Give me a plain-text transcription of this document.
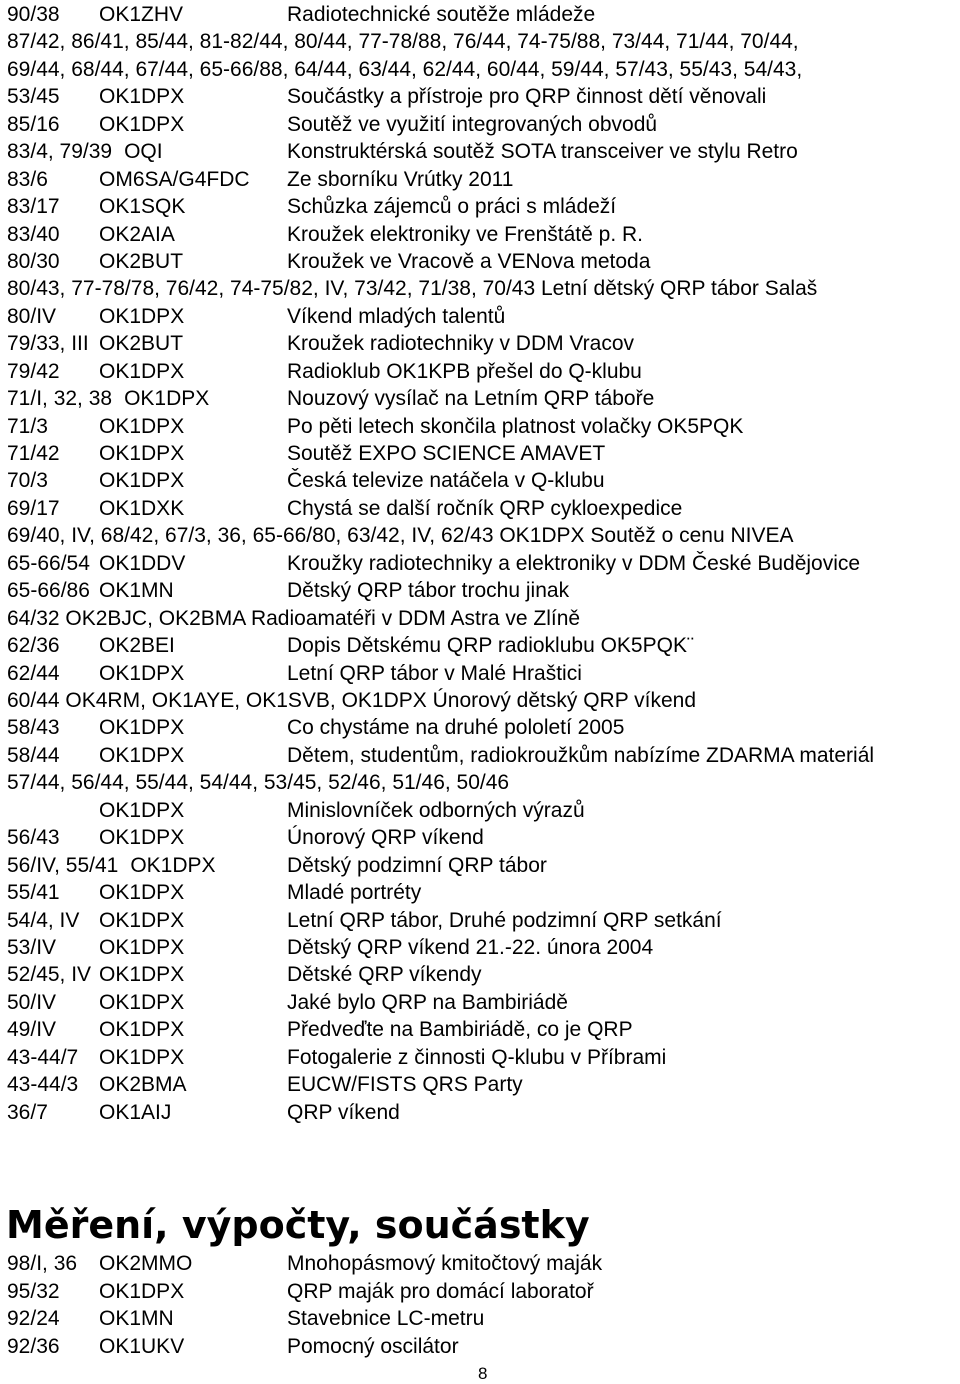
90/38 OK1ZHV	Radiotechnické soutěže mládeže
87/42, 86/41, 85/44, 81-82/44, 80/44, 77-78/88, 76/44, 74-75/88, 73/44, 71/44, 70/44,
69/44, 68/44, 67/44, 65-66/88, 64/44, 63/44, 62/44, 60/44, 59/44, 57/43, 55/43, 54/43,
53/45 OK1DPX	Součástky a přístroje pro QRP činnost dětí věnovali
85/16 OK1DPX	Soutěž ve využití integrovaných obvodů
83/4, 79/39 OQI	Konstruktérská soutěž SOTA transceiver ve stylu Retro
83/6 OM6SA/G4FDC Ze sborníku Vrútky 2011
83/17 OK1SQK	Schůzka zájemců o práci s mládeží
83/40 OK2AIA	Kroužek elektroniky ve Frenštátě p. R.
80/30 OK2BUT	Kroužek ve Vracově a VENova metoda
80/43, 77-78/78, 76/42, 74-75/82, IV, 73/42, 71/38, 70/43 Letní dětský QRP tábor Salaš
80/IV OK1DPX	Víkend mladých talentů
79/33, III OK2BUT	Kroužek radiotechniky v DDM Vracov
79/42 OK1DPX	Radioklub OK1KPB přešel do Q-klubu
71/I, 32, 38 OK1DPX	Nouzový vysílač na Letním QRP táboře
71/3 OK1DPX	Po pěti letech skončila platnost volačky OK5PQK
71/42 OK1DPX	Soutěž EXPO SCIENCE AMAVET
70/3 OK1DPX	Česká televize natáčela v Q-klubu
69/17 OK1DXK	Chystá se další ročník QRP cykloexpedice
69/40, IV, 68/42, 67/3, 36, 65-66/80, 63/42, IV, 62/43 OK1DPX Soutěž o cenu NIVEA
65-66/54 OK1DDV	Kroužky radiotechniky a elektroniky v DDM České Budějovice
65-66/86 OK1MN	Dětský QRP tábor trochu jinak
64/32 OK2BJC, OK2BMA Radioamatéři v DDM Astra ve Zlíně
62/36 OK2BEI	Dopis Dětskému QRP radioklubu OK5PQK¨
62/44 OK1DPX	Letní QRP tábor v Malé Hraštici
60/44 OK4RM, OK1AYE, OK1SVB, OK1DPX Únorový dětský QRP víkend
58/43 OK1DPX	Co chystáme na druhé pololetí 2005
58/44 OK1DPX	Dětem, studentům, radiokroužkům nabízíme ZDARMA materiál
57/44, 56/44, 55/44, 54/44, 53/45, 52/46, 51/46, 50/46
OK1DPX	Minislovníček odborných výrazů
56/43 OK1DPX	Únorový QRP víkend
56/IV, 55/41 OK1DPX	Dětský podzimní QRP tábor
55/41 OK1DPX	Mladé portréty
54/4, IV OK1DPX	Letní QRP tábor, Druhé podzimní QRP setkání
53/IV OK1DPX	Dětský QRP víkend 21.-22. února 2004
52/45, IV OK1DPX	Dětské QRP víkendy
50/IV OK1DPX	Jaké bylo QRP na Bambiriádě
49/IV OK1DPX	Předveďte na Bambiriádě, co je QRP
43-44/7 OK1DPX	Fotogalerie z činnosti Q-klubu v Příbrami
43-44/3 OK2BMA	EUCW/FISTS QRS Party
36/7 OK1AIJ	QRP víkend
Měření, výpočty, součástky
98/I, 36 OK2MMO	Mnohopásmový kmitočtový maják
95/32 OK1DPX	QRP maják pro domácí laboratoř
92/24 OK1MN	Stavebnice LC-metru
92/36 OK1UKV	Pomocný oscilátor
8
